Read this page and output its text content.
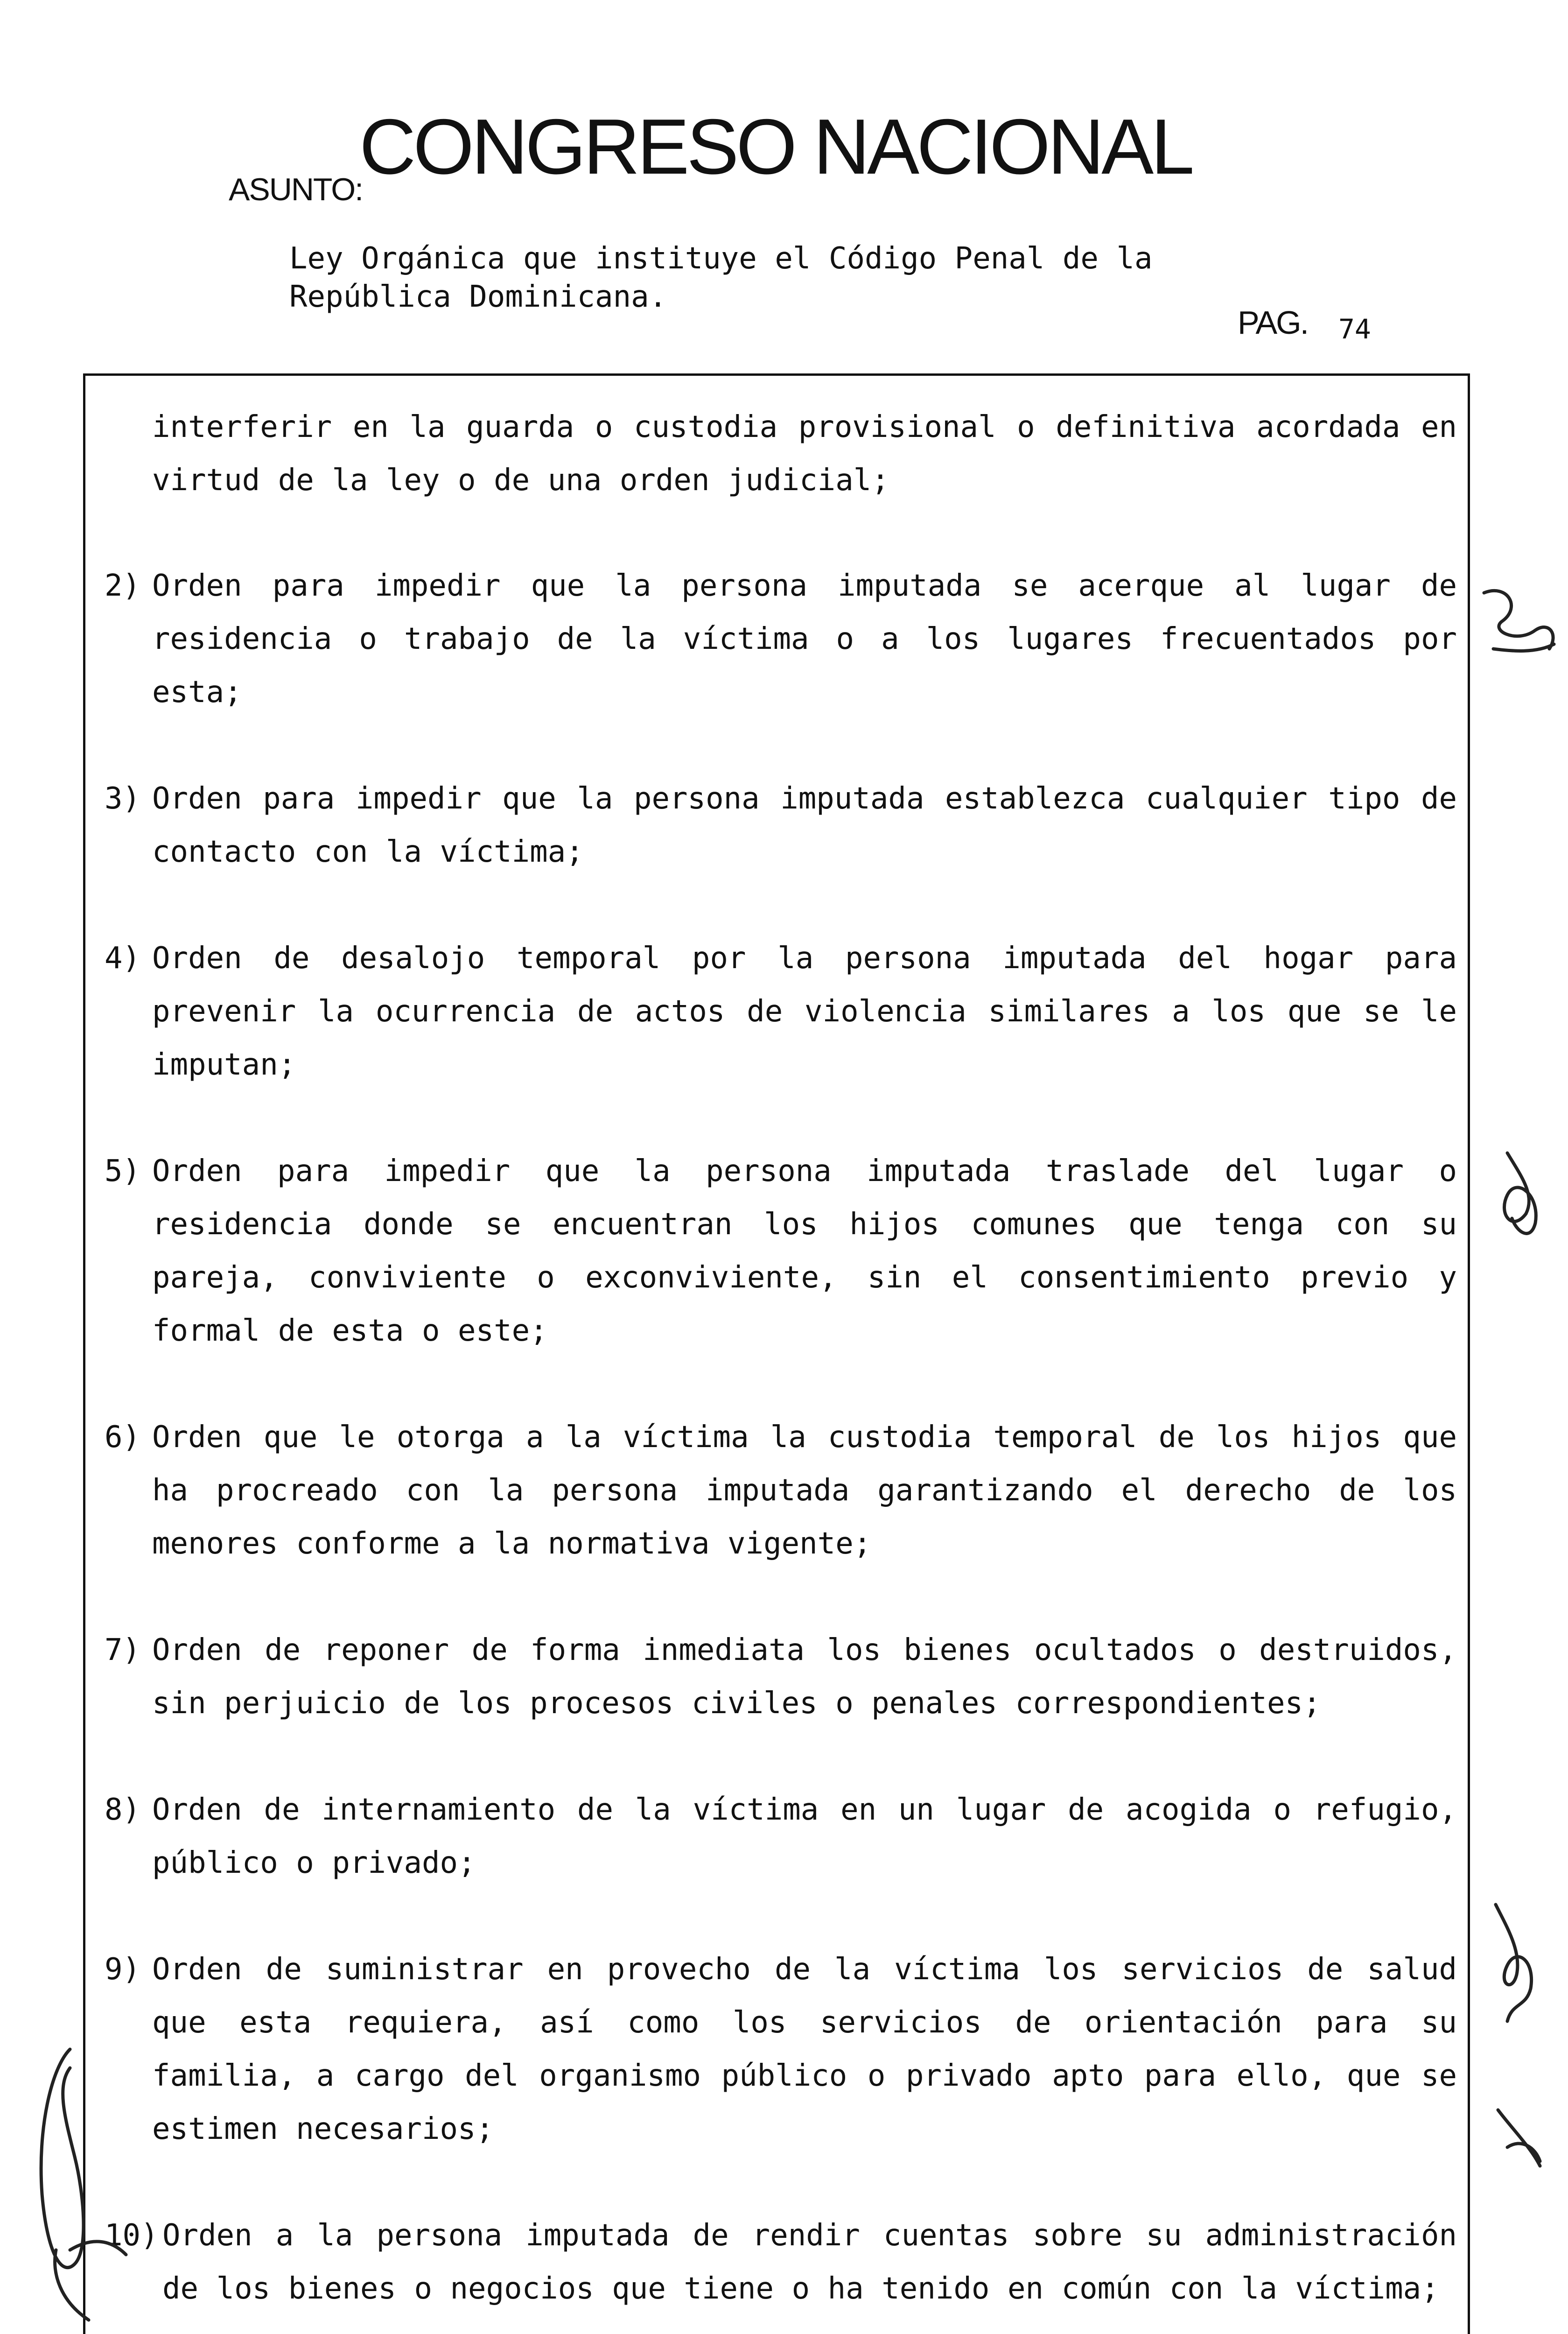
CONGRESO NACIONAL
ASUNTO:
Ley Orgánica que instituye el Código Penal de la
República Dominicana.
PAG. 74

interferir en la guarda o custodia provisional o definitiva acordada en virtud de la ley o de una orden judicial;

2) Orden para impedir que la persona imputada se acerque al lugar de residencia o trabajo de la víctima o a los lugares frecuentados por esta;

3) Orden para impedir que la persona imputada establezca cualquier tipo de contacto con la víctima;

4) Orden de desalojo temporal por la persona imputada del hogar para prevenir la ocurrencia de actos de violencia similares a los que se le imputan;

5) Orden para impedir que la persona imputada traslade del lugar o residencia donde se encuentran los hijos comunes que tenga con su pareja, conviviente o exconviviente, sin el consentimiento previo y formal de esta o este;

6) Orden que le otorga a la víctima la custodia temporal de los hijos que ha procreado con la persona imputada garantizando el derecho de los menores conforme a la normativa vigente;

7) Orden de reponer de forma inmediata los bienes ocultados o destruidos, sin perjuicio de los procesos civiles o penales correspondientes;

8) Orden de internamiento de la víctima en un lugar de acogida o refugio, público o privado;

9) Orden de suministrar en provecho de la víctima los servicios de salud que esta requiera, así como los servicios de orientación para su familia, a cargo del organismo público o privado apto para ello, que se estimen necesarios;

10) Orden a la persona imputada de rendir cuentas sobre su administración de los bienes o negocios que tiene o ha tenido en común con la víctima;
